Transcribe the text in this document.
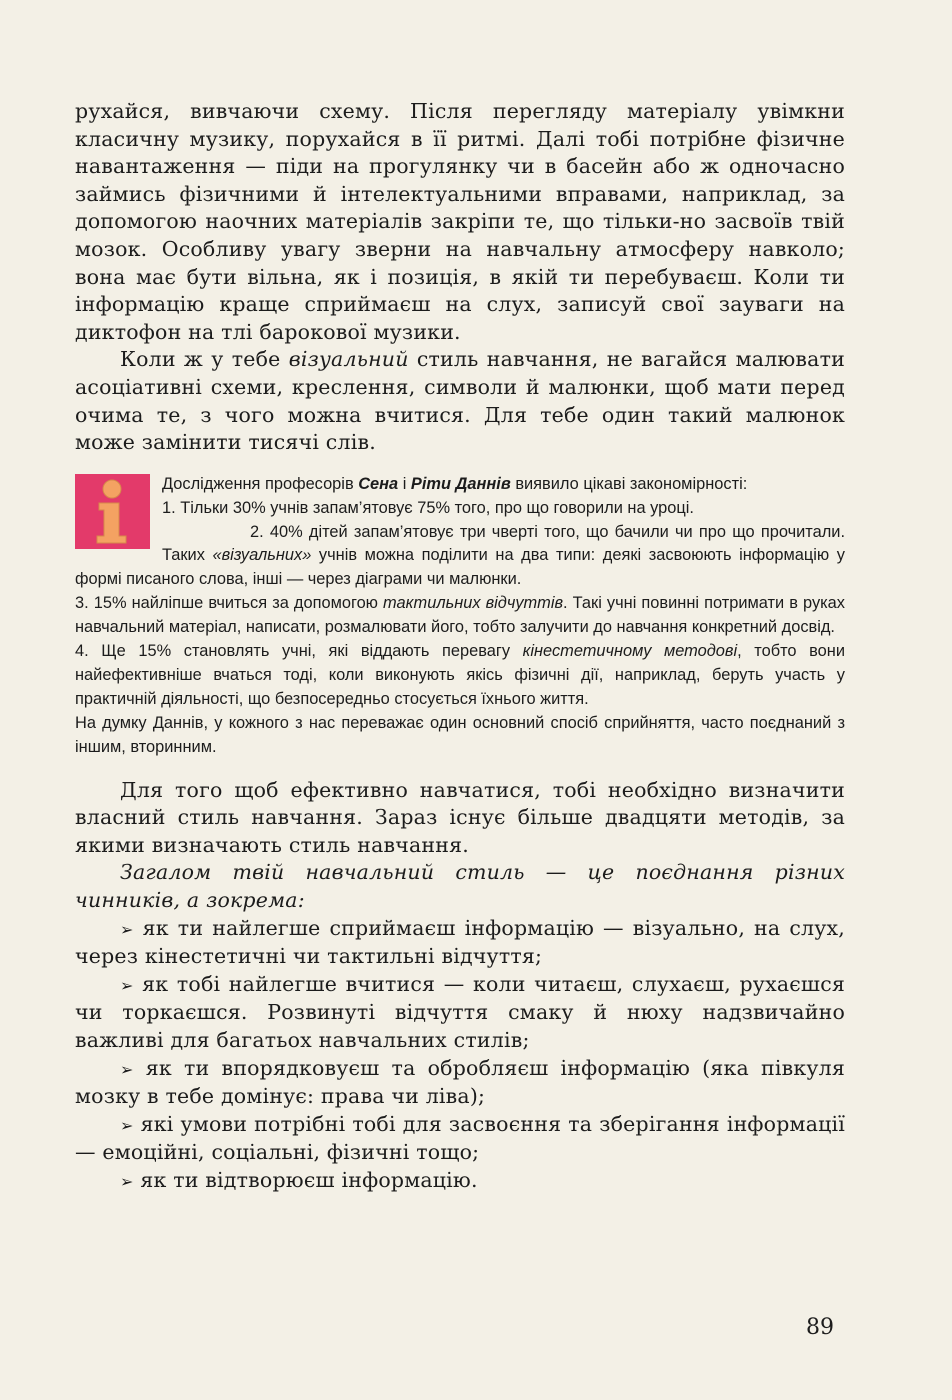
рухайся, вивчаючи схему. Після перегляду матеріалу увімкни класичну музику, порухайся в її ритмі. Далі тобі потрібне фізичне навантаження — піди на прогулянку чи в басейн або ж одночасно займись фізичними й інтелектуальними вправами, наприклад, за допомогою наочних матеріалів закріпи те, що тільки-но засвоїв твій мозок. Особливу увагу зверни на навчальну атмосферу навколо; вона має бути вільна, як і позиція, в якій ти перебуваєш. Коли ти інформацію краще сприймаєш на слух, записуй свої зауваги на диктофон на тлі барокової музики.

Коли ж у тебе візуальний стиль навчання, не вагайся малювати асоціативні схеми, креслення, символи й малюнки, щоб мати перед очима те, з чого можна вчитися. Для тебе один такий малюнок може замінити тисячі слів.

Дослідження професорів Сена і Ріти Даннів виявило цікаві закономірності:

1. Тільки 30% учнів запам’ятовує 75% того, про що говорили на уроці.

2. 40% дітей запам’ятовує три чверті того, що бачили чи про що прочитали. Таких «візуальних» учнів можна поділити на два типи: деякі засвоюють інформацію у формі писаного слова, інші — через діаграми чи малюнки.

3. 15% найліпше вчиться за допомогою тактильних відчуттів. Такі учні повинні потримати в руках навчальний матеріал, написати, розмалювати його, тобто залучити до навчання конкретний досвід.

4. Ще 15% становлять учні, які віддають перевагу кінестетичному методові, тобто вони найефективніше вчаться тоді, коли виконують якісь фізичні дії, наприклад, беруть участь у практичній діяльності, що безпосередньо стосується їхнього життя.

На думку Даннів, у кожного з нас переважає один основний спосіб сприйняття, часто поєднаний з іншим, вторинним.

Для того щоб ефективно навчатися, тобі необхідно визначити власний стиль навчання. Зараз існує більше двадцяти методів, за якими визначають стиль навчання.

Загалом твій навчальний стиль — це поєднання різних чинників, а зокрема:

➢ як ти найлегше сприймаєш інформацію — візуально, на слух, через кінестетичні чи тактильні відчуття;

➢ як тобі найлегше вчитися — коли читаєш, слухаєш, рухаєшся чи торкаєшся. Розвинуті відчуття смаку й нюху надзвичайно важливі для багатьох навчальних стилів;

➢ як ти впорядковуєш та обробляєш інформацію (яка півкуля мозку в тебе домінує: права чи ліва);

➢ які умови потрібні тобі для засвоєння та зберігання інформації — емоційні, соціальні, фізичні тощо;

➢ як ти відтворюєш інформацію.

89
